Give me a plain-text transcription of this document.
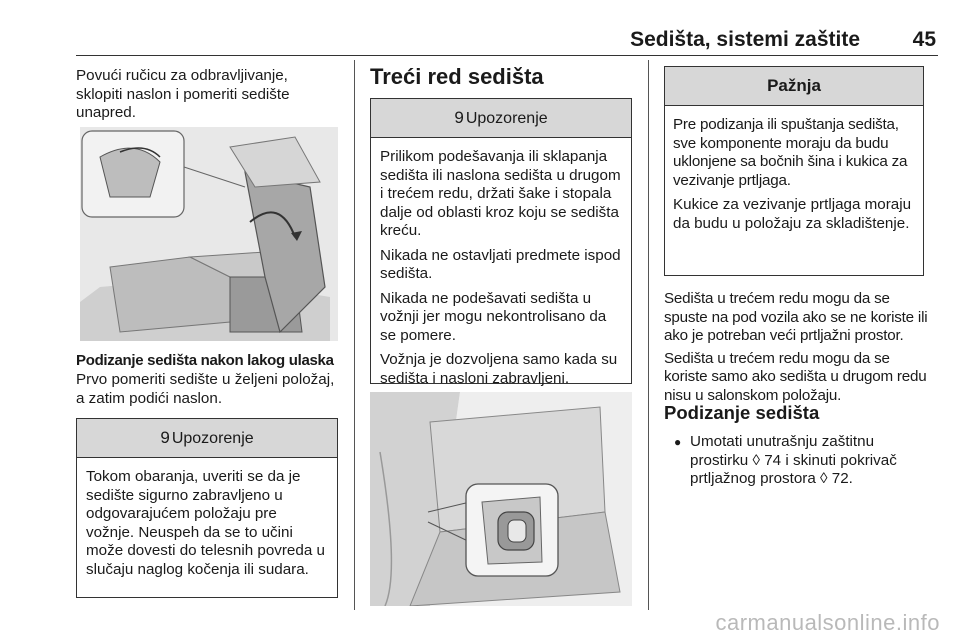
Sedišta, sistemi zaštite	45
Povući ručicu za odbravljivanje, sklopiti naslon i pomeriti sedište unapred.
Podizanje sedišta nakon lakog ulaska
Prvo pomeriti sedište u željeni položaj, a zatim podići naslon.
9 Upozorenje
Tokom obaranja, uveriti se da je sedište sigurno zabravljeno u odgovarajućem položaju pre vožnje. Neuspeh da se to učini može dovesti do telesnih povreda u slučaju naglog kočenja ili sudara.
Treći red sedišta
9 Upozorenje

Prilikom podešavanja ili sklapanja sedišta ili naslona sedišta u drugom i trećem redu, držati šake i stopala dalje od oblasti kroz koju se sedišta kreću.

Nikada ne ostavljati predmete ispod sedišta.

Nikada ne podešavati sedišta u vožnji jer mogu nekontrolisano da se pomere.

Vožnja je dozvoljena samo kada su sedišta i nasloni zabravljeni.

Pažnja

Pre podizanja ili spuštanja sedišta, sve komponente moraju da budu uklonjene sa bočnih šina i kukica za vezivanje prtljaga.

Kukice za vezivanje prtljaga moraju da budu u položaju za skladištenje.

Sedišta u trećem redu mogu da se spuste na pod vozila ako se ne koriste ili ako je potreban veći prtljažni prostor.

Sedišta u trećem redu mogu da se koriste samo ako sedišta u drugom redu nisu u salonskom položaju.

Podizanje sedišta
● Umotati unutrašnju zaštitnu
prostirku ◊ 74 i skinuti pokrivač
prtljažnog prostora ◊ 72.
carmanualsonline.info
